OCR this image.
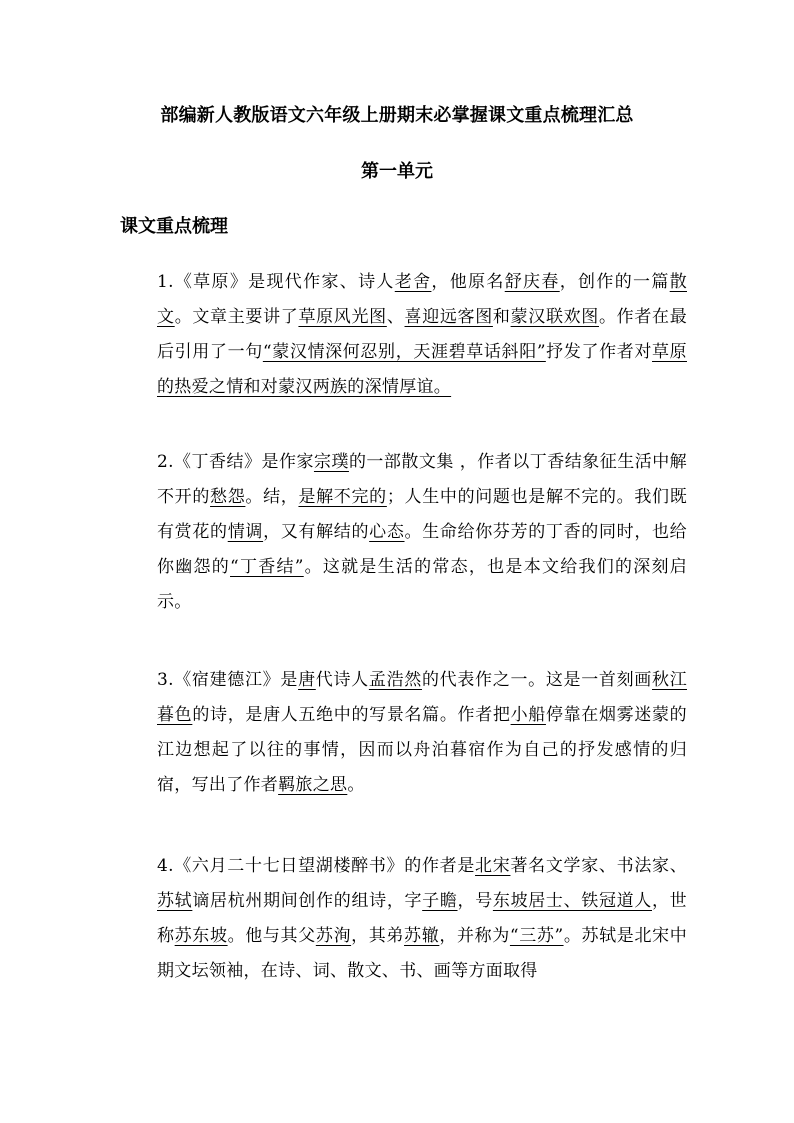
部编新人教版语文六年级上册期末必掌握课文重点梳理汇总
第一单元
课文重点梳理

1.《草原》是现代作家、诗人老舍，他原名舒庆春，创作的一篇散文。文章主要讲了草原风光图、喜迎远客图和蒙汉联欢图。作者在最后引用了一句“蒙汉情深何忍别，天涯碧草话斜阳”抒发了作者对草原的热爱之情和对蒙汉两族的深情厚谊。

2.《丁香结》是作家宗璞的一部散文集 ，作者以丁香结象征生活中解不开的愁怨。结，是解不完的；人生中的问题也是解不完的。我们既有赏花的情调，又有解结的心态。生命给你芬芳的丁香的同时，也给你幽怨的“丁香结”。这就是生活的常态，也是本文给我们的深刻启示。

3.《宿建德江》是唐代诗人孟浩然的代表作之一。这是一首刻画秋江暮色的诗，是唐人五绝中的写景名篇。作者把小船停靠在烟雾迷蒙的江边想起了以往的事情，因而以舟泊暮宿作为自己的抒发感情的归宿，写出了作者羁旅之思。

4.《六月二十七日望湖楼醉书》的作者是北宋著名文学家、书法家、苏轼谪居杭州期间创作的组诗，字子瞻，号东坡居士、铁冠道人，世称苏东坡。他与其父苏洵，其弟苏辙，并称为“三苏”。苏轼是北宋中期文坛领袖，在诗、词、散文、书、画等方面取得
